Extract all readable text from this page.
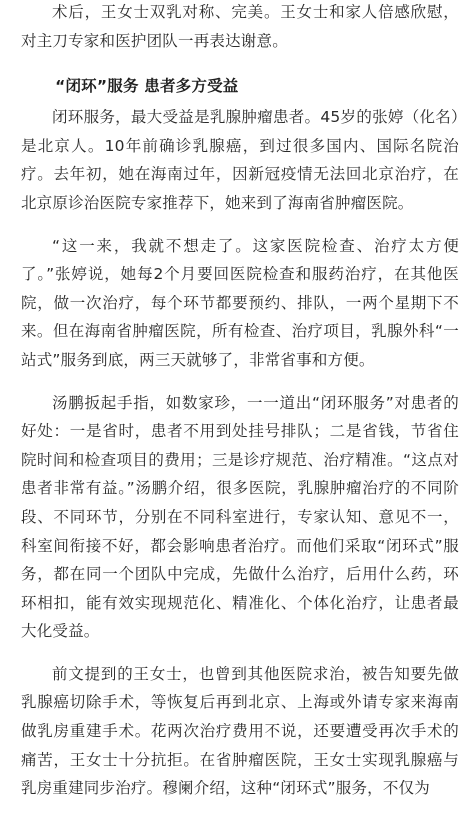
术后，王女士双乳对称、完美。王女士和家人倍感欣慰，对主刀专家和医护团队一再表达谢意。

“闭环”服务 患者多方受益

闭环服务，最大受益是乳腺肿瘤患者。45岁的张婷（化名）是北京人。10年前确诊乳腺癌，到过很多国内、国际名院治疗。去年初，她在海南过年，因新冠疫情无法回北京治疗，在北京原诊治医院专家推荐下，她来到了海南省肿瘤医院。

“这一来，我就不想走了。这家医院检查、治疗太方便了。”张婷说，她每2个月要回医院检查和服药治疗，在其他医院，做一次治疗，每个环节都要预约、排队，一两个星期下不来。但在海南省肿瘤医院，所有检查、治疗项目，乳腺外科“一站式”服务到底，两三天就够了，非常省事和方便。

汤鹏扳起手指，如数家珍，一一道出“闭环服务”对患者的好处：一是省时，患者不用到处挂号排队；二是省钱，节省住院时间和检查项目的费用；三是诊疗规范、治疗精准。“这点对患者非常有益。”汤鹏介绍，很多医院，乳腺肿瘤治疗的不同阶段、不同环节，分别在不同科室进行，专家认知、意见不一，科室间衔接不好，都会影响患者治疗。而他们采取“闭环式”服务，都在同一个团队中完成，先做什么治疗，后用什么药，环环相扣，能有效实现规范化、精准化、个体化治疗，让患者最大化受益。

前文提到的王女士，也曾到其他医院求治，被告知要先做乳腺癌切除手术，等恢复后再到北京、上海或外请专家来海南做乳房重建手术。花两次治疗费用不说，还要遭受再次手术的痛苦，王女士十分抗拒。在省肿瘤医院，王女士实现乳腺癌与乳房重建同步治疗。穆阑介绍，这种“闭环式”服务，不仅为
